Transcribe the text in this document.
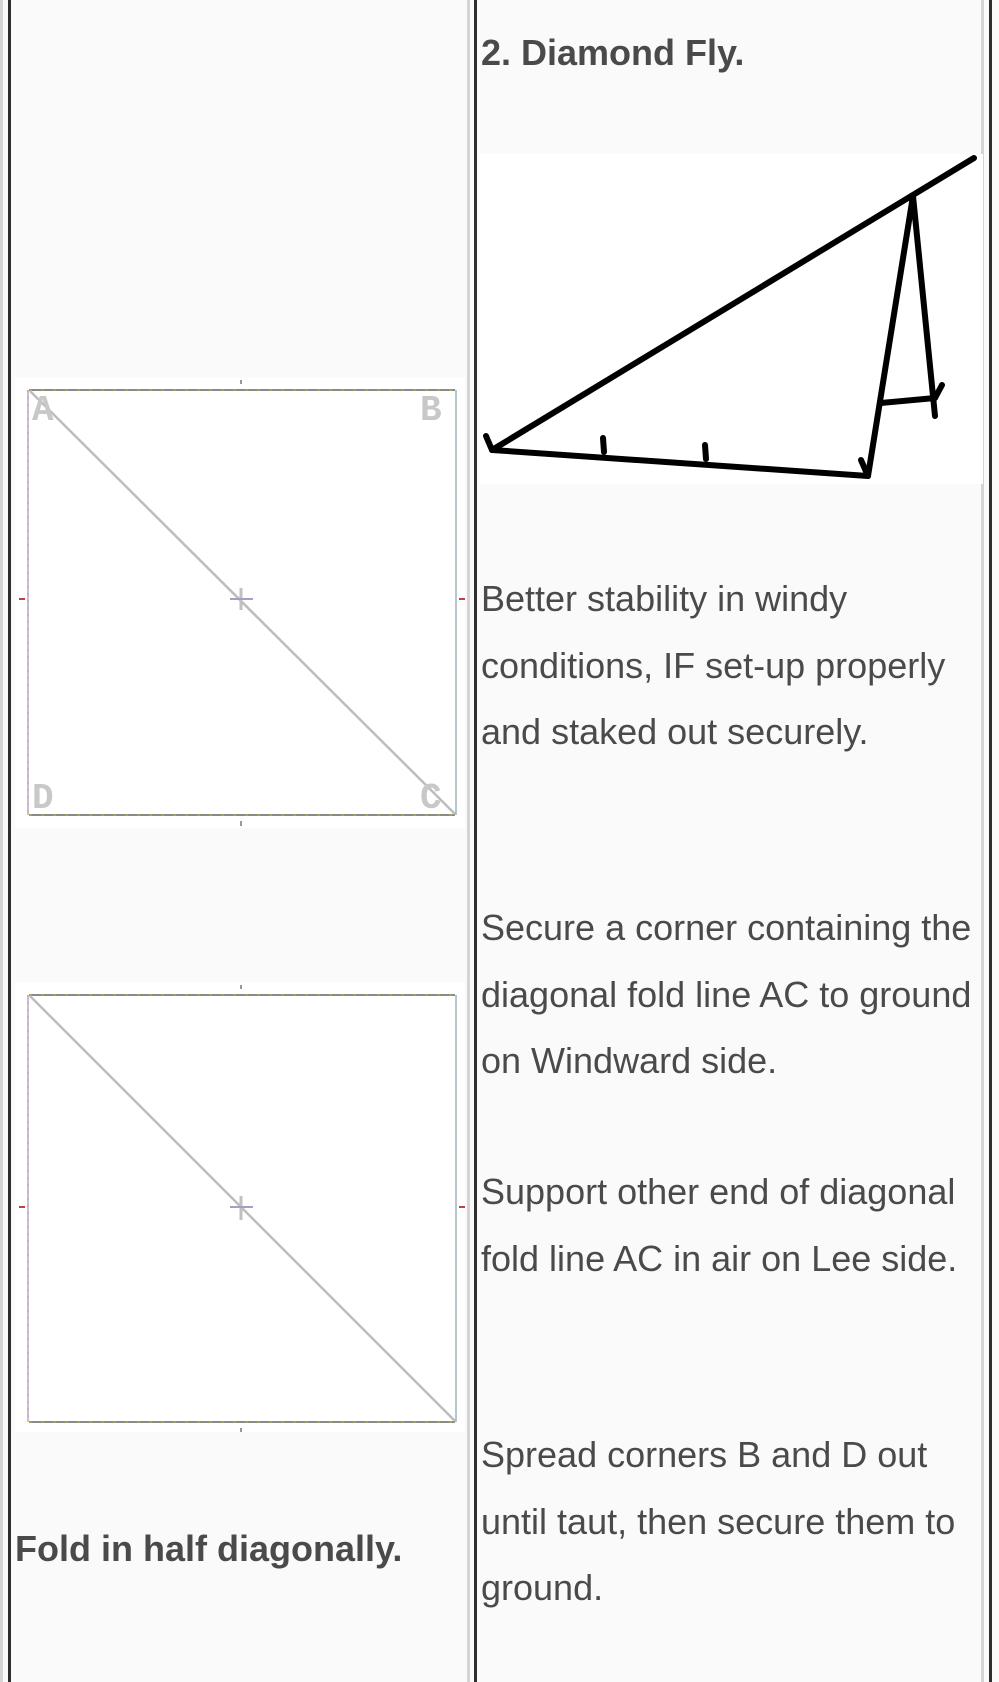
A	B
C
D

Fold in half diagonally.

2. Diamond Fly.

Better stability in windy conditions, IF set-up properly and staked out securely.

Secure a corner containing the diagonal fold line AC to ground on Windward side.

Support other end of diagonal fold line AC in air on Lee side.

Spread corners B and D out until taut, then secure them to ground.
